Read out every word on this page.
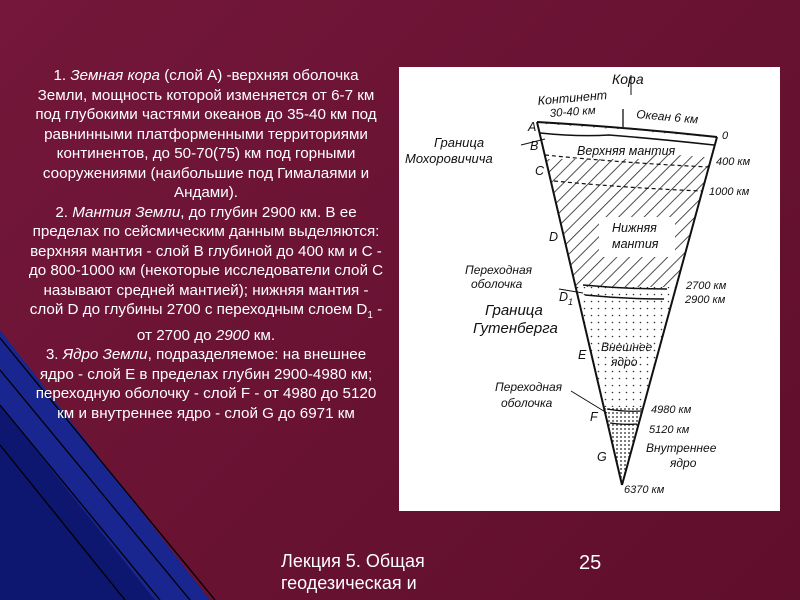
1. Земная кора (слой А) -верхняя оболочка Земли, мощность которой изменяется от 6-7 км под глубокими частями океанов до 35-40 км под равнинными платформенными территориями континентов, до 50-70(75) км под горными сооружениями (наибольшие под Гималаями и Андами).

2. Мантия Земли, до глубин 2900 км. В ее пределах по сейсмическим данным выделяются: верхняя мантия - слой B глубиной до 400 км и C - до 800-1000 км (некоторые исследователи слой C называют средней мантией); нижняя мантия - слой D до глубины 2700 с переходным слоем $D_1$ - от 2700 до 2900 км.

3. Ядро Земли, подразделяемое: на внешнее ядро - слой E в пределах глубин 2900-4980 км; переходную оболочку - слой F - от 4980 до 5120 км и внутреннее ядро - слой G до 6971 км

Кора
Континент
30-40 км	Океан 6 км
0
400 км
1000 км
2700 км
2900 км
4980 км
5120 км
6370 км
A
B
C
D
$D_1$
E
F
G
Граница
Мохоровичича	Верхняя мантия
Нижняя
мантия
Переходная
оболочка
Граница
Гутенберга
Внешнее
ядро
Переходная
оболочка
Внутреннее
ядро
Лекция 5. Общая
геодезическая и
25
